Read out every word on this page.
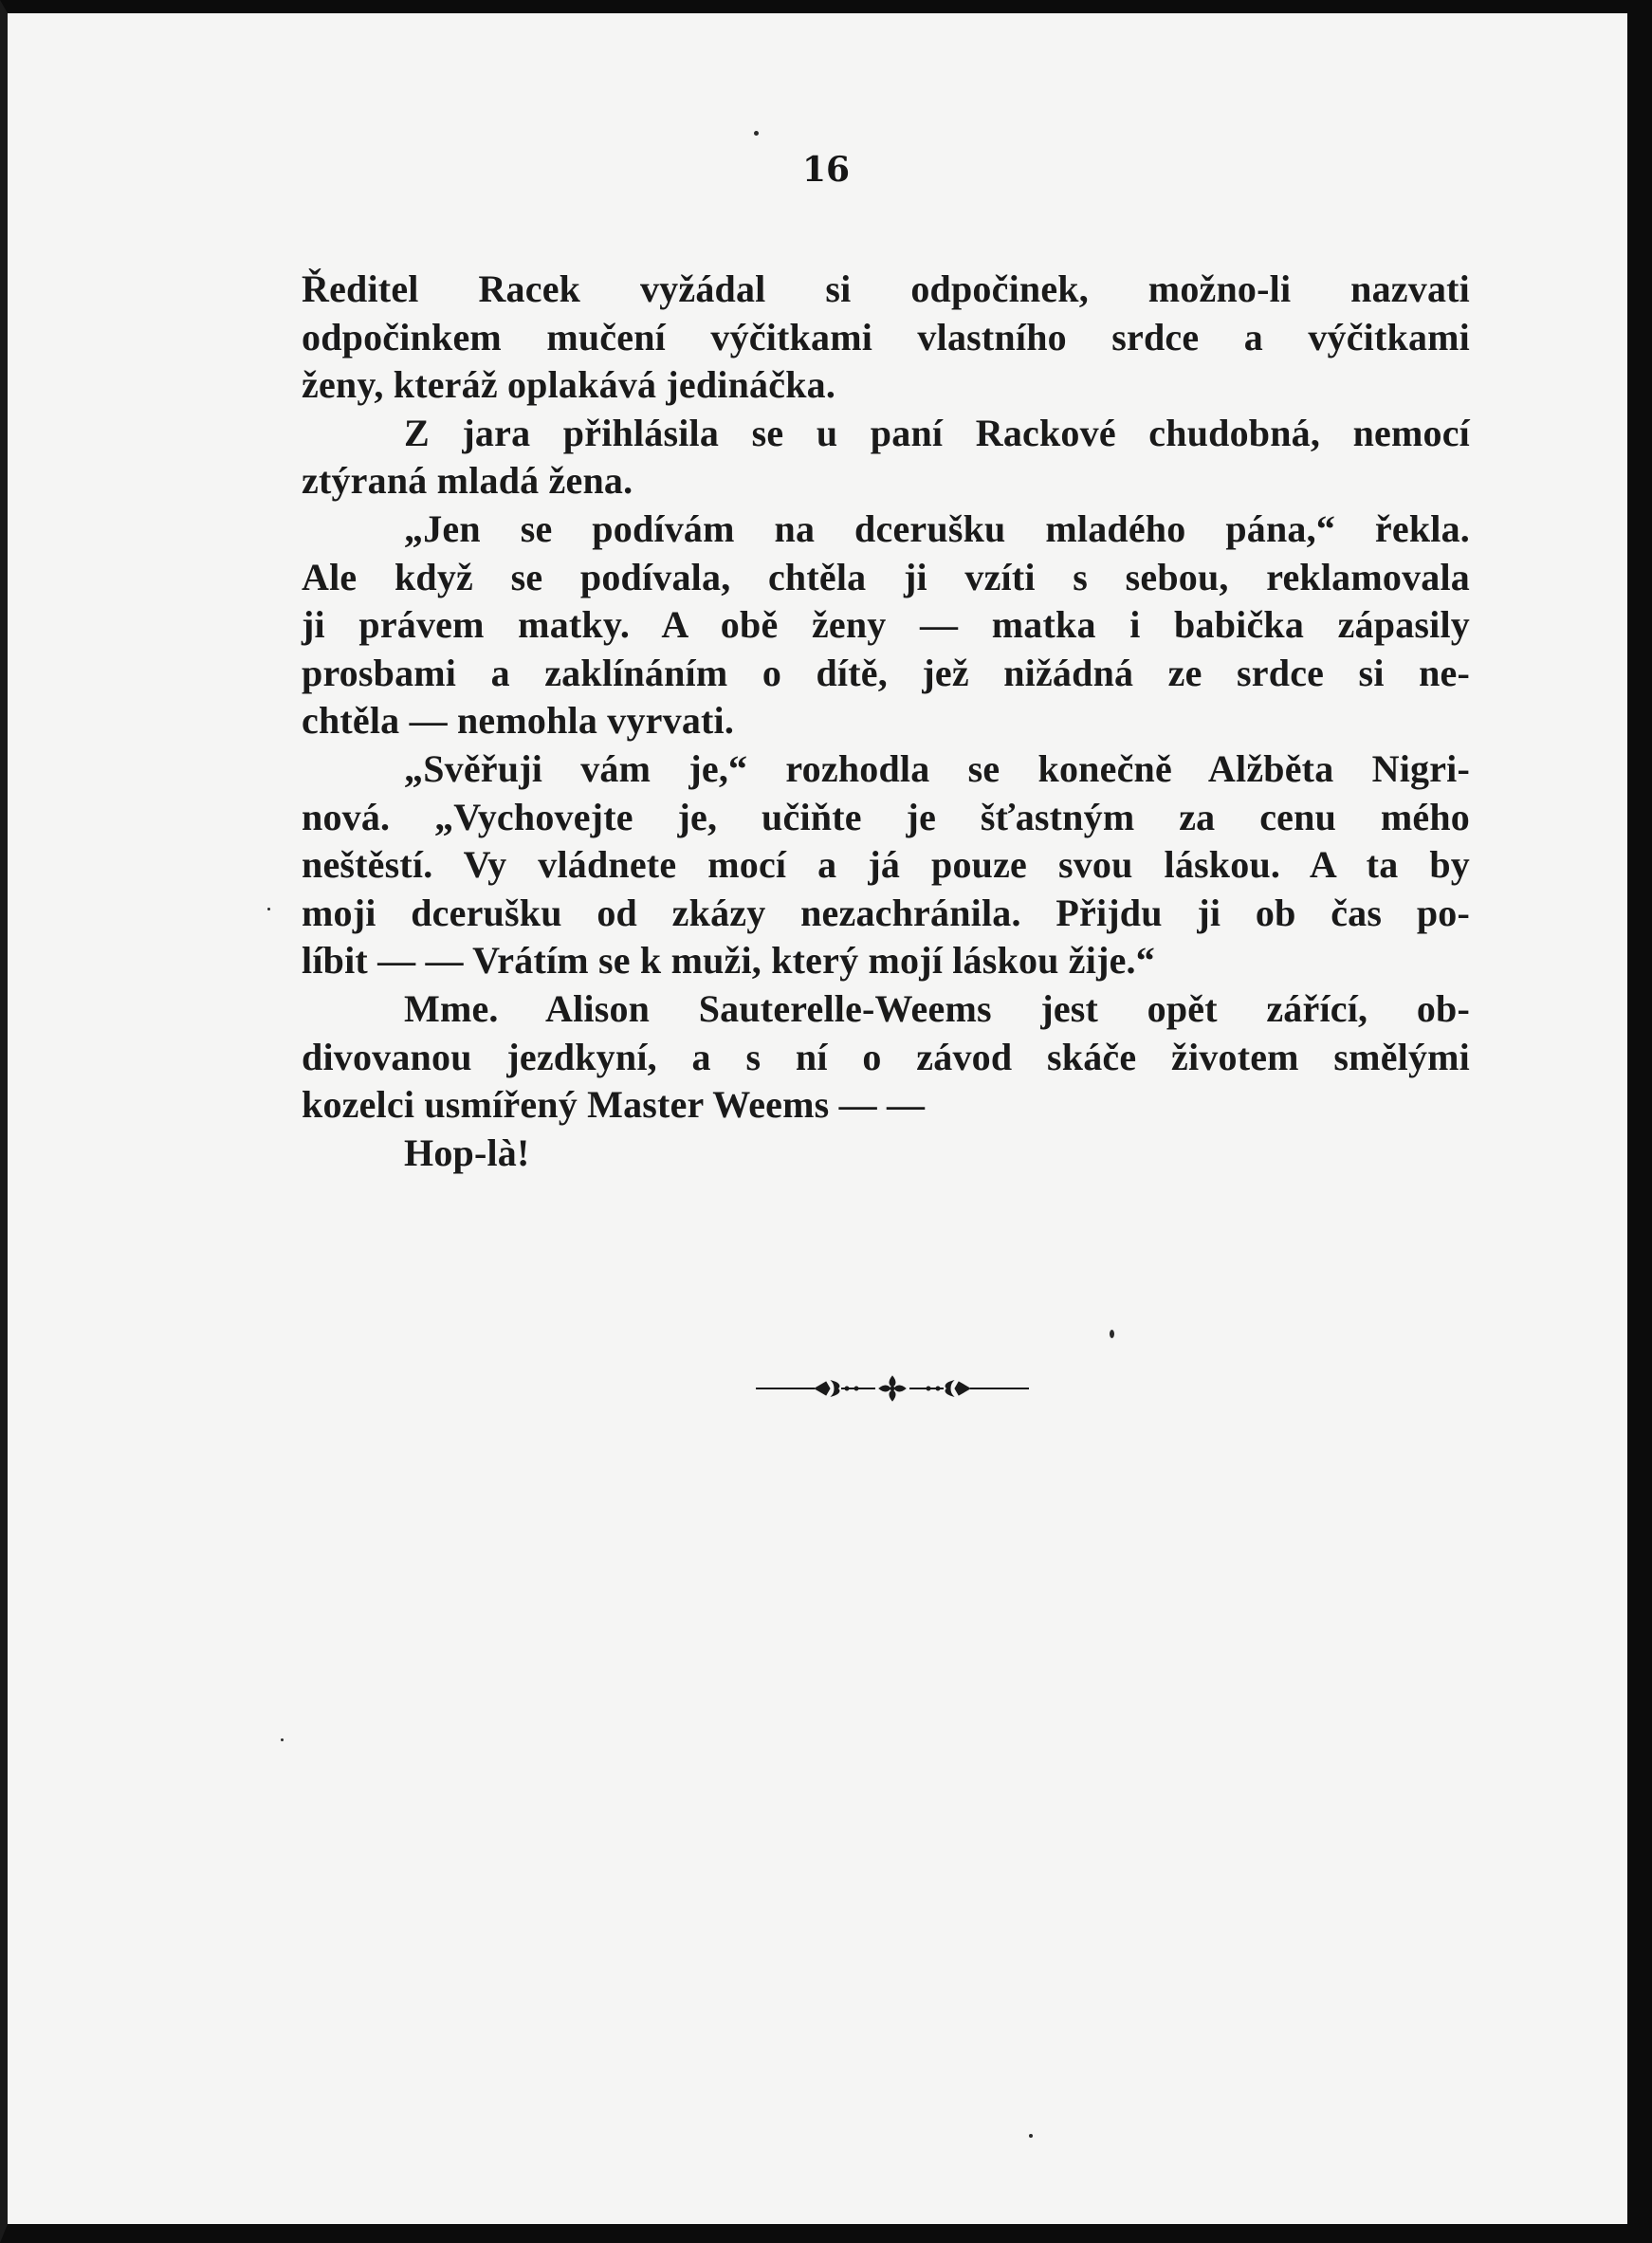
16

Ředitel Racek vyžádal si odpočinek, možno-li nazvati
odpočinkem mučení výčitkami vlastního srdce a výčitkami
ženy, kteráž oplakává jedináčka.

Z jara přihlásila se u paní Rackové chudobná, nemocí
ztýraná mladá žena.

„Jen se podívám na dcerušku mladého pána,“ řekla.
Ale když se podívala, chtěla ji vzíti s sebou, reklamovala
ji právem matky. A obě ženy — matka i babička zápasily
prosbami a zaklínáním o dítě, jež nižádná ze srdce si ne-
chtěla — nemohla vyrvati.

„Svěřuji vám je,“ rozhodla se konečně Alžběta Nigri-
nová. „Vychovejte je, učiňte je šťastným za cenu mého
neštěstí. Vy vládnete mocí a já pouze svou láskou. A ta by
moji dcerušku od zkázy nezachránila. Přijdu ji ob čas po-
líbit — — Vrátím se k muži, který mojí láskou žije.“

Mme. Alison Sauterelle-Weems jest opět zářící, ob-
divovanou jezdkyní, a s ní o závod skáče životem smělými
kozelci usmířený Master Weems — —

Hop-là!
